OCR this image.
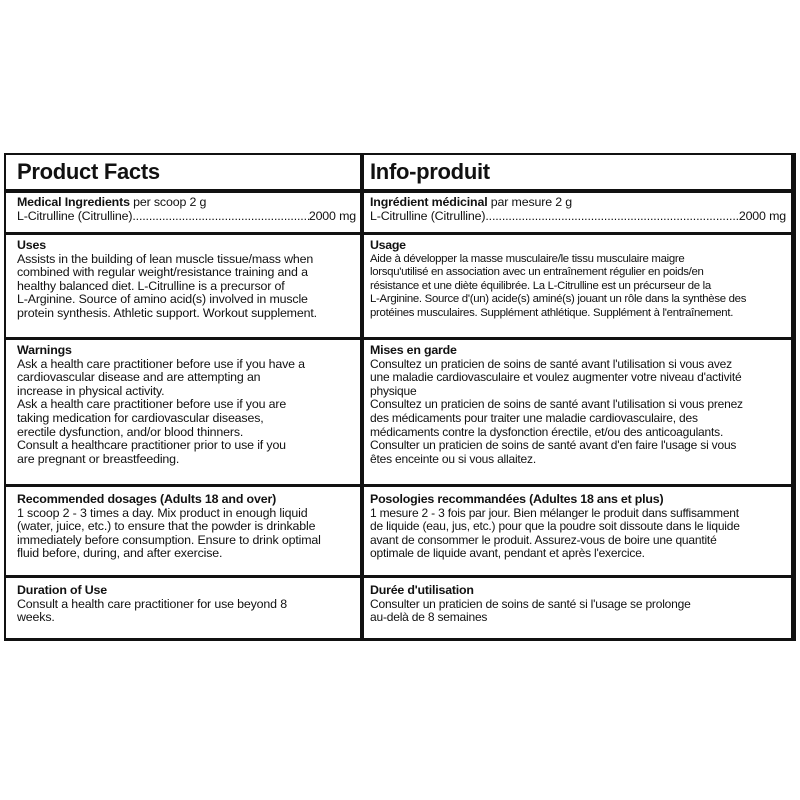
Product Facts
Medical Ingredients per scoop 2 g
L-Citrulline (Citrulline) .....	2000 mg
Uses
Assists in the building of lean muscle tissue/mass when
combined with regular weight/resistance training and a
healthy balanced diet. L-Citrulline is a precursor of
L-Arginine. Source of amino acid(s) involved in muscle
protein synthesis. Athletic support. Workout supplement.
Warnings
Ask a health care practitioner before use if you have a
cardiovascular disease and are attempting an
increase in physical activity.
Ask a health care practitioner before use if you are
taking medication for cardiovascular diseases,
erectile dysfunction, and/or blood thinners.
Consult a healthcare practitioner prior to use if you
are pregnant or breastfeeding.
Recommended dosages (Adults 18 and over)
1 scoop 2 - 3 times a day. Mix product in enough liquid
(water, juice, etc.) to ensure that the powder is drinkable
immediately before consumption. Ensure to drink optimal
fluid before, during, and after exercise.
Duration of Use
Consult a health care practitioner for use beyond 8
weeks.
Info-produit
Ingrédient médicinal par mesure 2 g
L-Citrulline (Citrulline) .....	2000 mg
Usage
Aide à développer la masse musculaire/le tissu musculaire maigre
lorsqu'utilisé en association avec un entraînement régulier en poids/en
résistance et une diète équilibrée. La L-Citrulline est un précurseur de la
L-Arginine. Source d'(un) acide(s) aminé(s) jouant un rôle dans la synthèse des
protéines musculaires. Supplément athlétique. Supplément à l'entraînement.
Mises en garde
Consultez un praticien de soins de santé avant l'utilisation si vous avez
une maladie cardiovasculaire et voulez augmenter votre niveau d'activité
physique
Consultez un praticien de soins de santé avant l'utilisation si vous prenez
des médicaments pour traiter une maladie cardiovasculaire, des
médicaments contre la dysfonction érectile, et/ou des anticoagulants.
Consulter un praticien de soins de santé avant d'en faire l'usage si vous
êtes enceinte ou si vous allaitez.
Posologies recommandées (Adultes 18 ans et plus)
1 mesure 2 - 3 fois par jour. Bien mélanger le produit dans suffisamment
de liquide (eau, jus, etc.) pour que la poudre soit dissoute dans le liquide
avant de consommer le produit. Assurez-vous de boire une quantité
optimale de liquide avant, pendant et après l'exercice.
Durée d'utilisation
Consulter un praticien de soins de santé si l'usage se prolonge
au-delà de 8 semaines
